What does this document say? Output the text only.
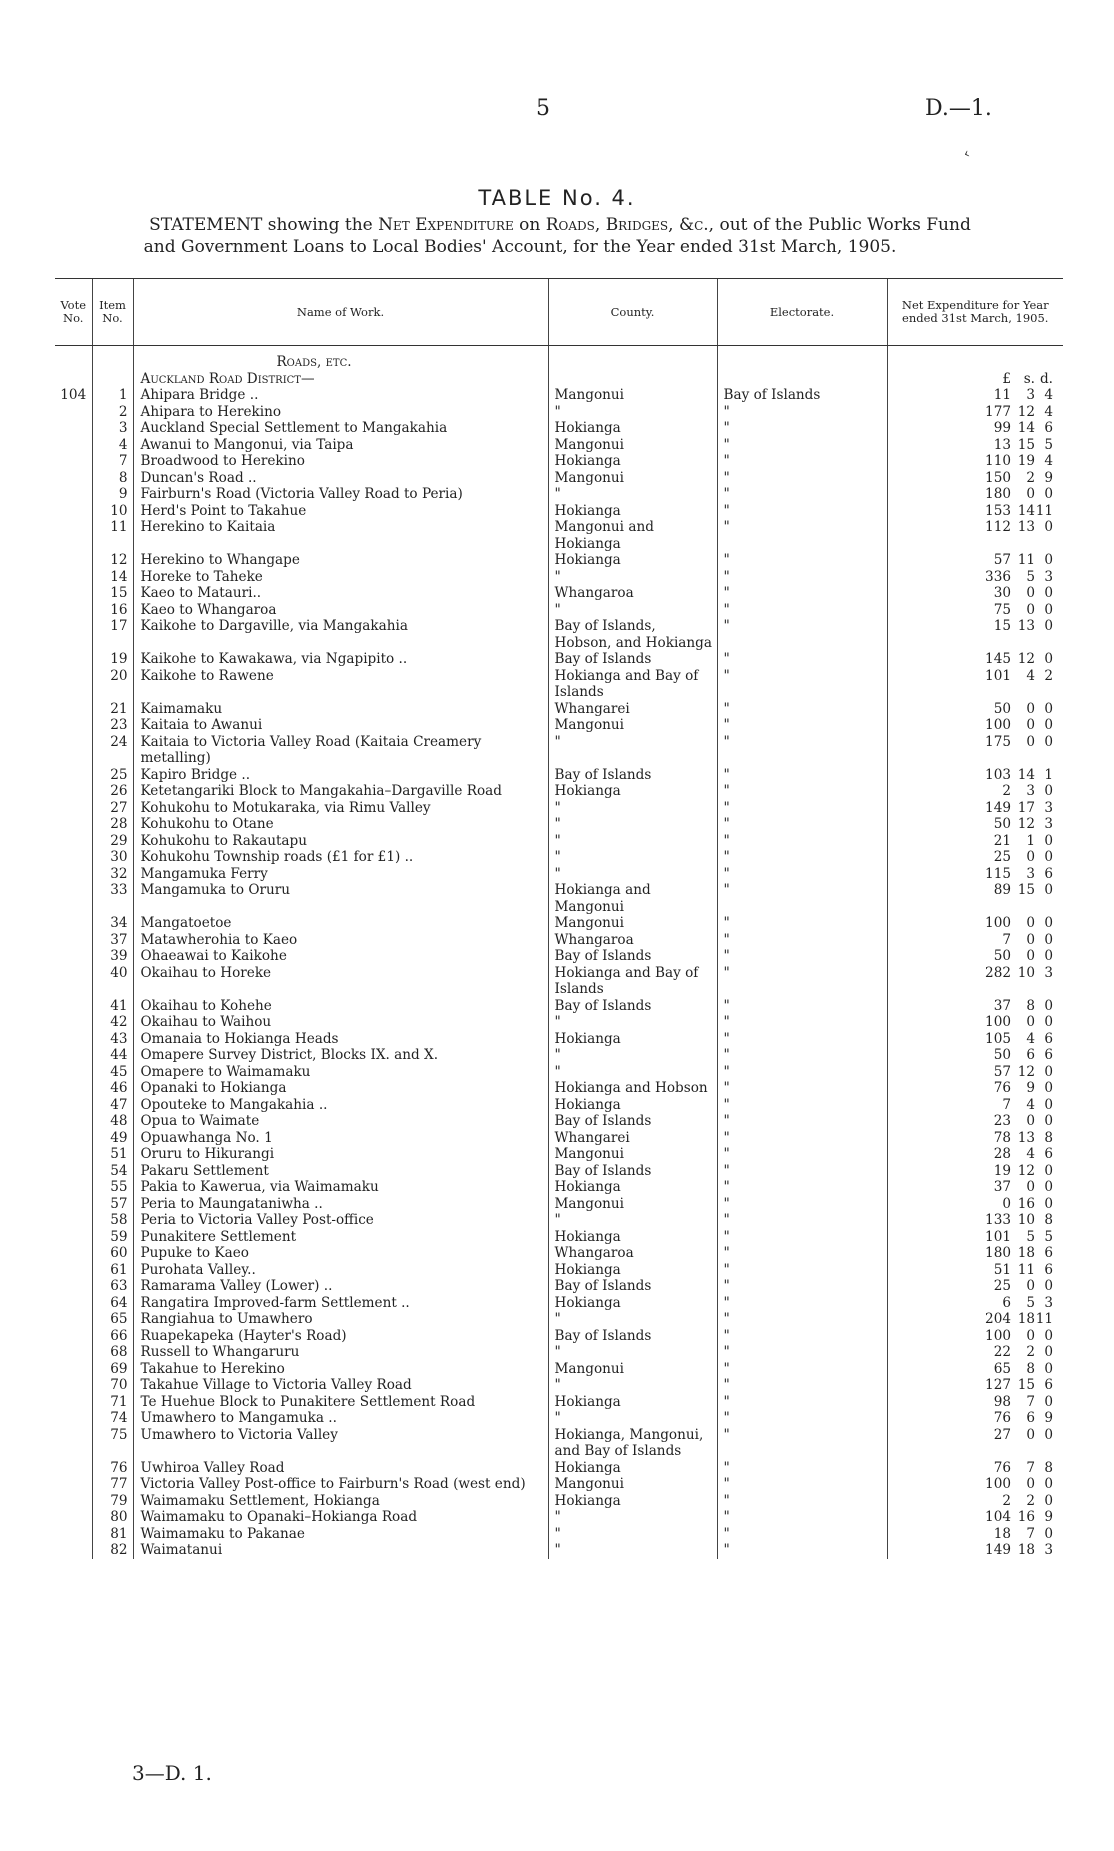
5	D.—1.
‹
TABLE No. 4.
STATEMENT showing the Net Expenditure on Roads, Bridges, &c., out of the Public Works Fund
and Government Loans to Local Bodies' Account, for the Year ended 31st March, 1905.
Vote No.	Item No.	Name of Work.	County.	Electorate.	Net Expenditure for Year ended 31st March, 1905.

		Roads, etc.			
		Auckland Road District—			£ s. d.

104	1	Ahipara Bridge ..	Mangonui	Bay of Islands	11 3 4

	2	Ahipara to Herekino	"	"	177 12 4

	3	Auckland Special Settlement to Mangakahia	Hokianga	"	99 14 6

	4	Awanui to Mangonui, via Taipa	Mangonui	"	13 15 5

	7	Broadwood to Herekino	Hokianga	"	110 19 4

	8	Duncan's Road ..	Mangonui	"	150 2 9

	9	Fairburn's Road (Victoria Valley Road to Peria)	"	"	180 0 0

	10	Herd's Point to Takahue	Hokianga	"	153 14 11

	11	Herekino to Kaitaia	Mangonui and Hokianga	"	112 13 0

	12	Herekino to Whangape	Hokianga	"	57 11 0

	14	Horeke to Taheke	"	"	336 5 3

	15	Kaeo to Matauri..	Whangaroa	"	30 0 0

	16	Kaeo to Whangaroa	"	"	75 0 0

	17	Kaikohe to Dargaville, via Mangakahia	Bay of Islands, Hobson, and Hokianga	"	15 13 0

	19	Kaikohe to Kawakawa, via Ngapipito ..	Bay of Islands	"	145 12 0

	20	Kaikohe to Rawene	Hokianga and Bay of Islands	"	101 4 2

	21	Kaimamaku	Whangarei	"	50 0 0

	23	Kaitaia to Awanui	Mangonui	"	100 0 0

	24	Kaitaia to Victoria Valley Road (Kaitaia Creamery metalling)	"	"	175 0 0

	25	Kapiro Bridge ..	Bay of Islands	"	103 14 1

	26	Ketetangariki Block to Mangakahia–Dargaville Road	Hokianga	"	2 3 0

	27	Kohukohu to Motukaraka, via Rimu Valley	"	"	149 17 3

	28	Kohukohu to Otane	"	"	50 12 3

	29	Kohukohu to Rakautapu	"	"	21 1 0

	30	Kohukohu Township roads (£1 for £1) ..	"	"	25 0 0

	32	Mangamuka Ferry	"	"	115 3 6

	33	Mangamuka to Oruru	Hokianga and Mangonui	"	89 15 0

	34	Mangatoetoe	Mangonui	"	100 0 0

	37	Matawherohia to Kaeo	Whangaroa	"	7 0 0

	39	Ohaeawai to Kaikohe	Bay of Islands	"	50 0 0

	40	Okaihau to Horeke	Hokianga and Bay of Islands	"	282 10 3

	41	Okaihau to Kohehe	Bay of Islands	"	37 8 0

	42	Okaihau to Waihou	"	"	100 0 0

	43	Omanaia to Hokianga Heads	Hokianga	"	105 4 6

	44	Omapere Survey District, Blocks IX. and X.	"	"	50 6 6

	45	Omapere to Waimamaku	"	"	57 12 0

	46	Opanaki to Hokianga	Hokianga and Hobson	"	76 9 0

	47	Opouteke to Mangakahia ..	Hokianga	"	7 4 0

	48	Opua to Waimate	Bay of Islands	"	23 0 0

	49	Opuawhanga No. 1	Whangarei	"	78 13 8

	51	Oruru to Hikurangi	Mangonui	"	28 4 6

	54	Pakaru Settlement	Bay of Islands	"	19 12 0

	55	Pakia to Kawerua, via Waimamaku	Hokianga	"	37 0 0

	57	Peria to Maungataniwha ..	Mangonui	"	0 16 0

	58	Peria to Victoria Valley Post-office	"	"	133 10 8

	59	Punakitere Settlement	Hokianga	"	101 5 5

	60	Pupuke to Kaeo	Whangaroa	"	180 18 6

	61	Purohata Valley..	Hokianga	"	51 11 6

	63	Ramarama Valley (Lower) ..	Bay of Islands	"	25 0 0

	64	Rangatira Improved-farm Settlement ..	Hokianga	"	6 5 3

	65	Rangiahua to Umawhero	"	"	204 18 11

	66	Ruapekapeka (Hayter's Road)	Bay of Islands	"	100 0 0

	68	Russell to Whangaruru	"	"	22 2 0

	69	Takahue to Herekino	Mangonui	"	65 8 0

	70	Takahue Village to Victoria Valley Road	"	"	127 15 6

	71	Te Huehue Block to Punakitere Settlement Road	Hokianga	"	98 7 0

	74	Umawhero to Mangamuka ..	"	"	76 6 9

	75	Umawhero to Victoria Valley	Hokianga, Mangonui, and Bay of Islands	"	27 0 0

	76	Uwhiroa Valley Road	Hokianga	"	76 7 8

	77	Victoria Valley Post-office to Fairburn's Road (west end)	Mangonui	"	100 0 0

	79	Waimamaku Settlement, Hokianga	Hokianga	"	2 2 0

	80	Waimamaku to Opanaki–Hokianga Road	"	"	104 16 9

	81	Waimamaku to Pakanae	"	"	18 7 0

	82	Waimatanui	"	"	149 18 3
3—D. 1.
